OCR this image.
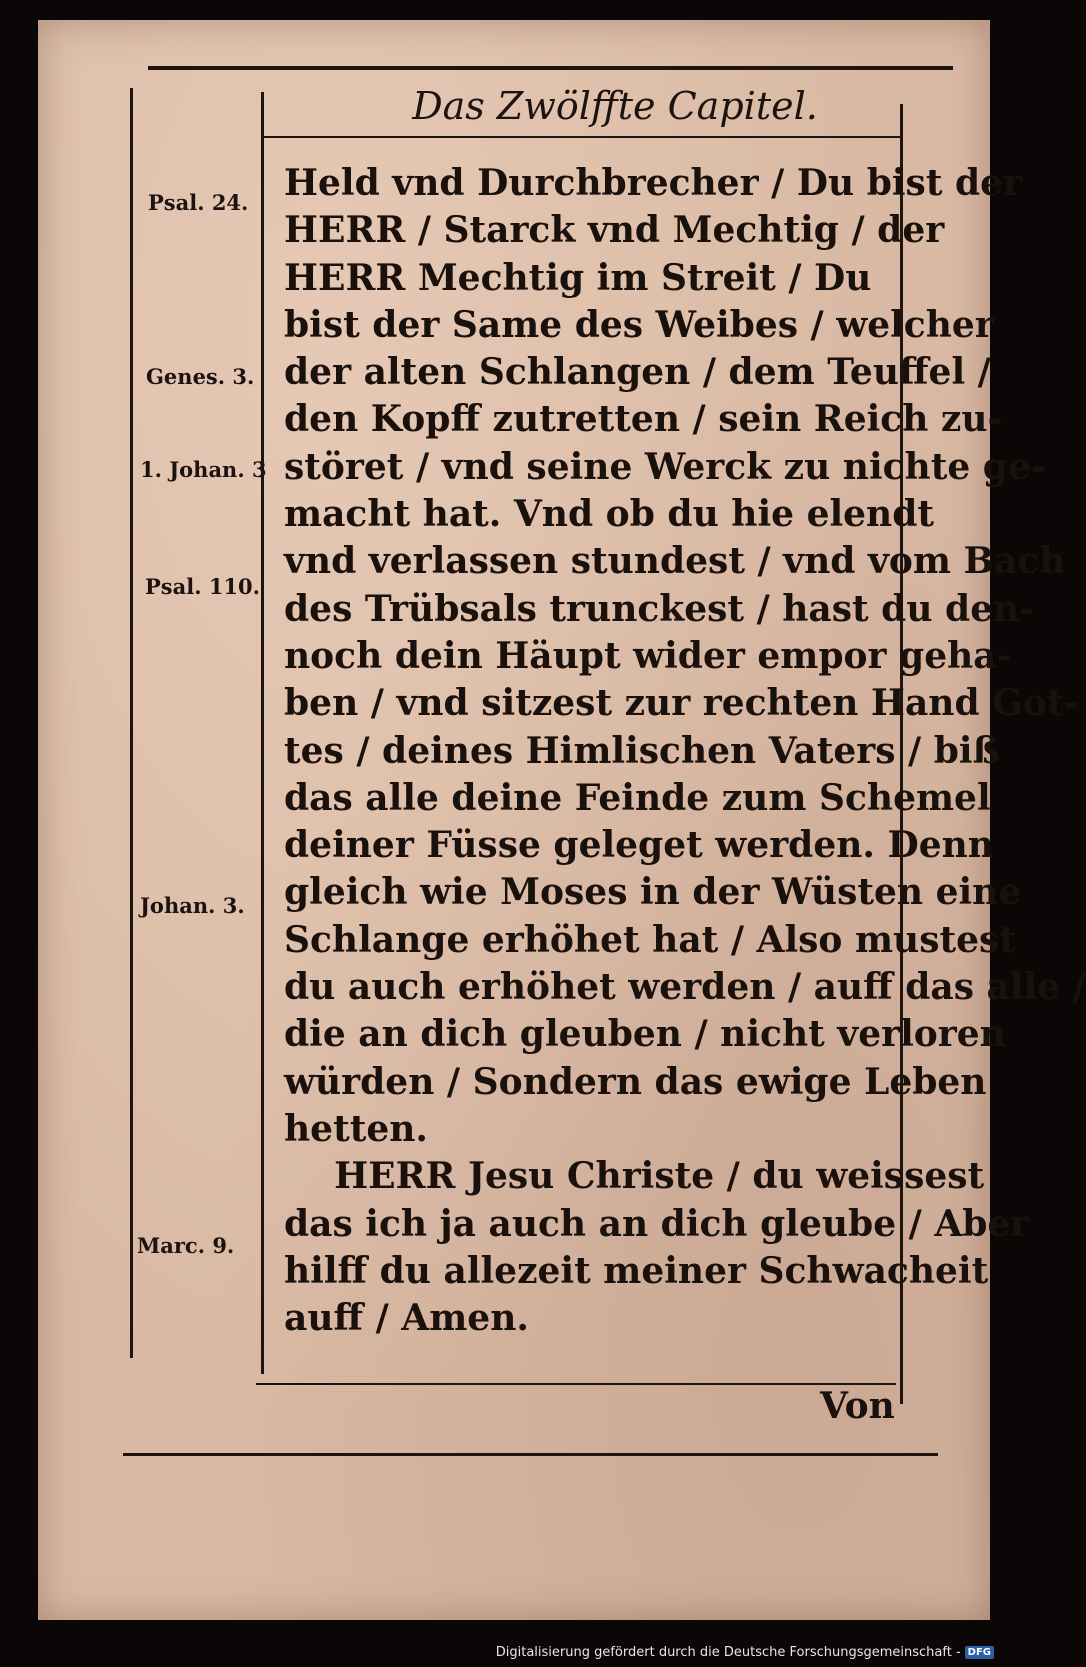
Das Zwölffte Capitel.
Psal. 24.
Genes. 3.
1. Johan. 3
Psal. 110.
Johan. 3.
Marc. 9.
Held vnd Durchbrecher / Du bist der
HERR / Starck vnd Mechtig / der
HERR Mechtig im Streit / Du
bist der Same des Weibes / welcher
der alten Schlangen / dem Teuffel /
den Kopff zutretten / sein Reich zu-
störet / vnd seine Werck zu nichte ge-
macht hat. Vnd ob du hie elendt
vnd verlassen stundest / vnd vom Bach
des Trübsals trunckest / hast du den-
noch dein Häupt wider empor geha-
ben / vnd sitzest zur rechten Hand Got-
tes / deines Himlischen Vaters / biß
das alle deine Feinde zum Schemel
deiner Füsse geleget werden. Denn
gleich wie Moses in der Wüsten eine
Schlange erhöhet hat / Also mustest
du auch erhöhet werden / auff das alle /
die an dich gleuben / nicht verloren
würden / Sondern das ewige Leben
hetten.
HERR Jesu Christe / du weissest
das ich ja auch an dich gleube / Aber
hilff du allezeit meiner Schwacheit
auff / Amen.
Von
Digitalisierung gefördert durch die Deutsche Forschungsgemeinschaft - DFG
